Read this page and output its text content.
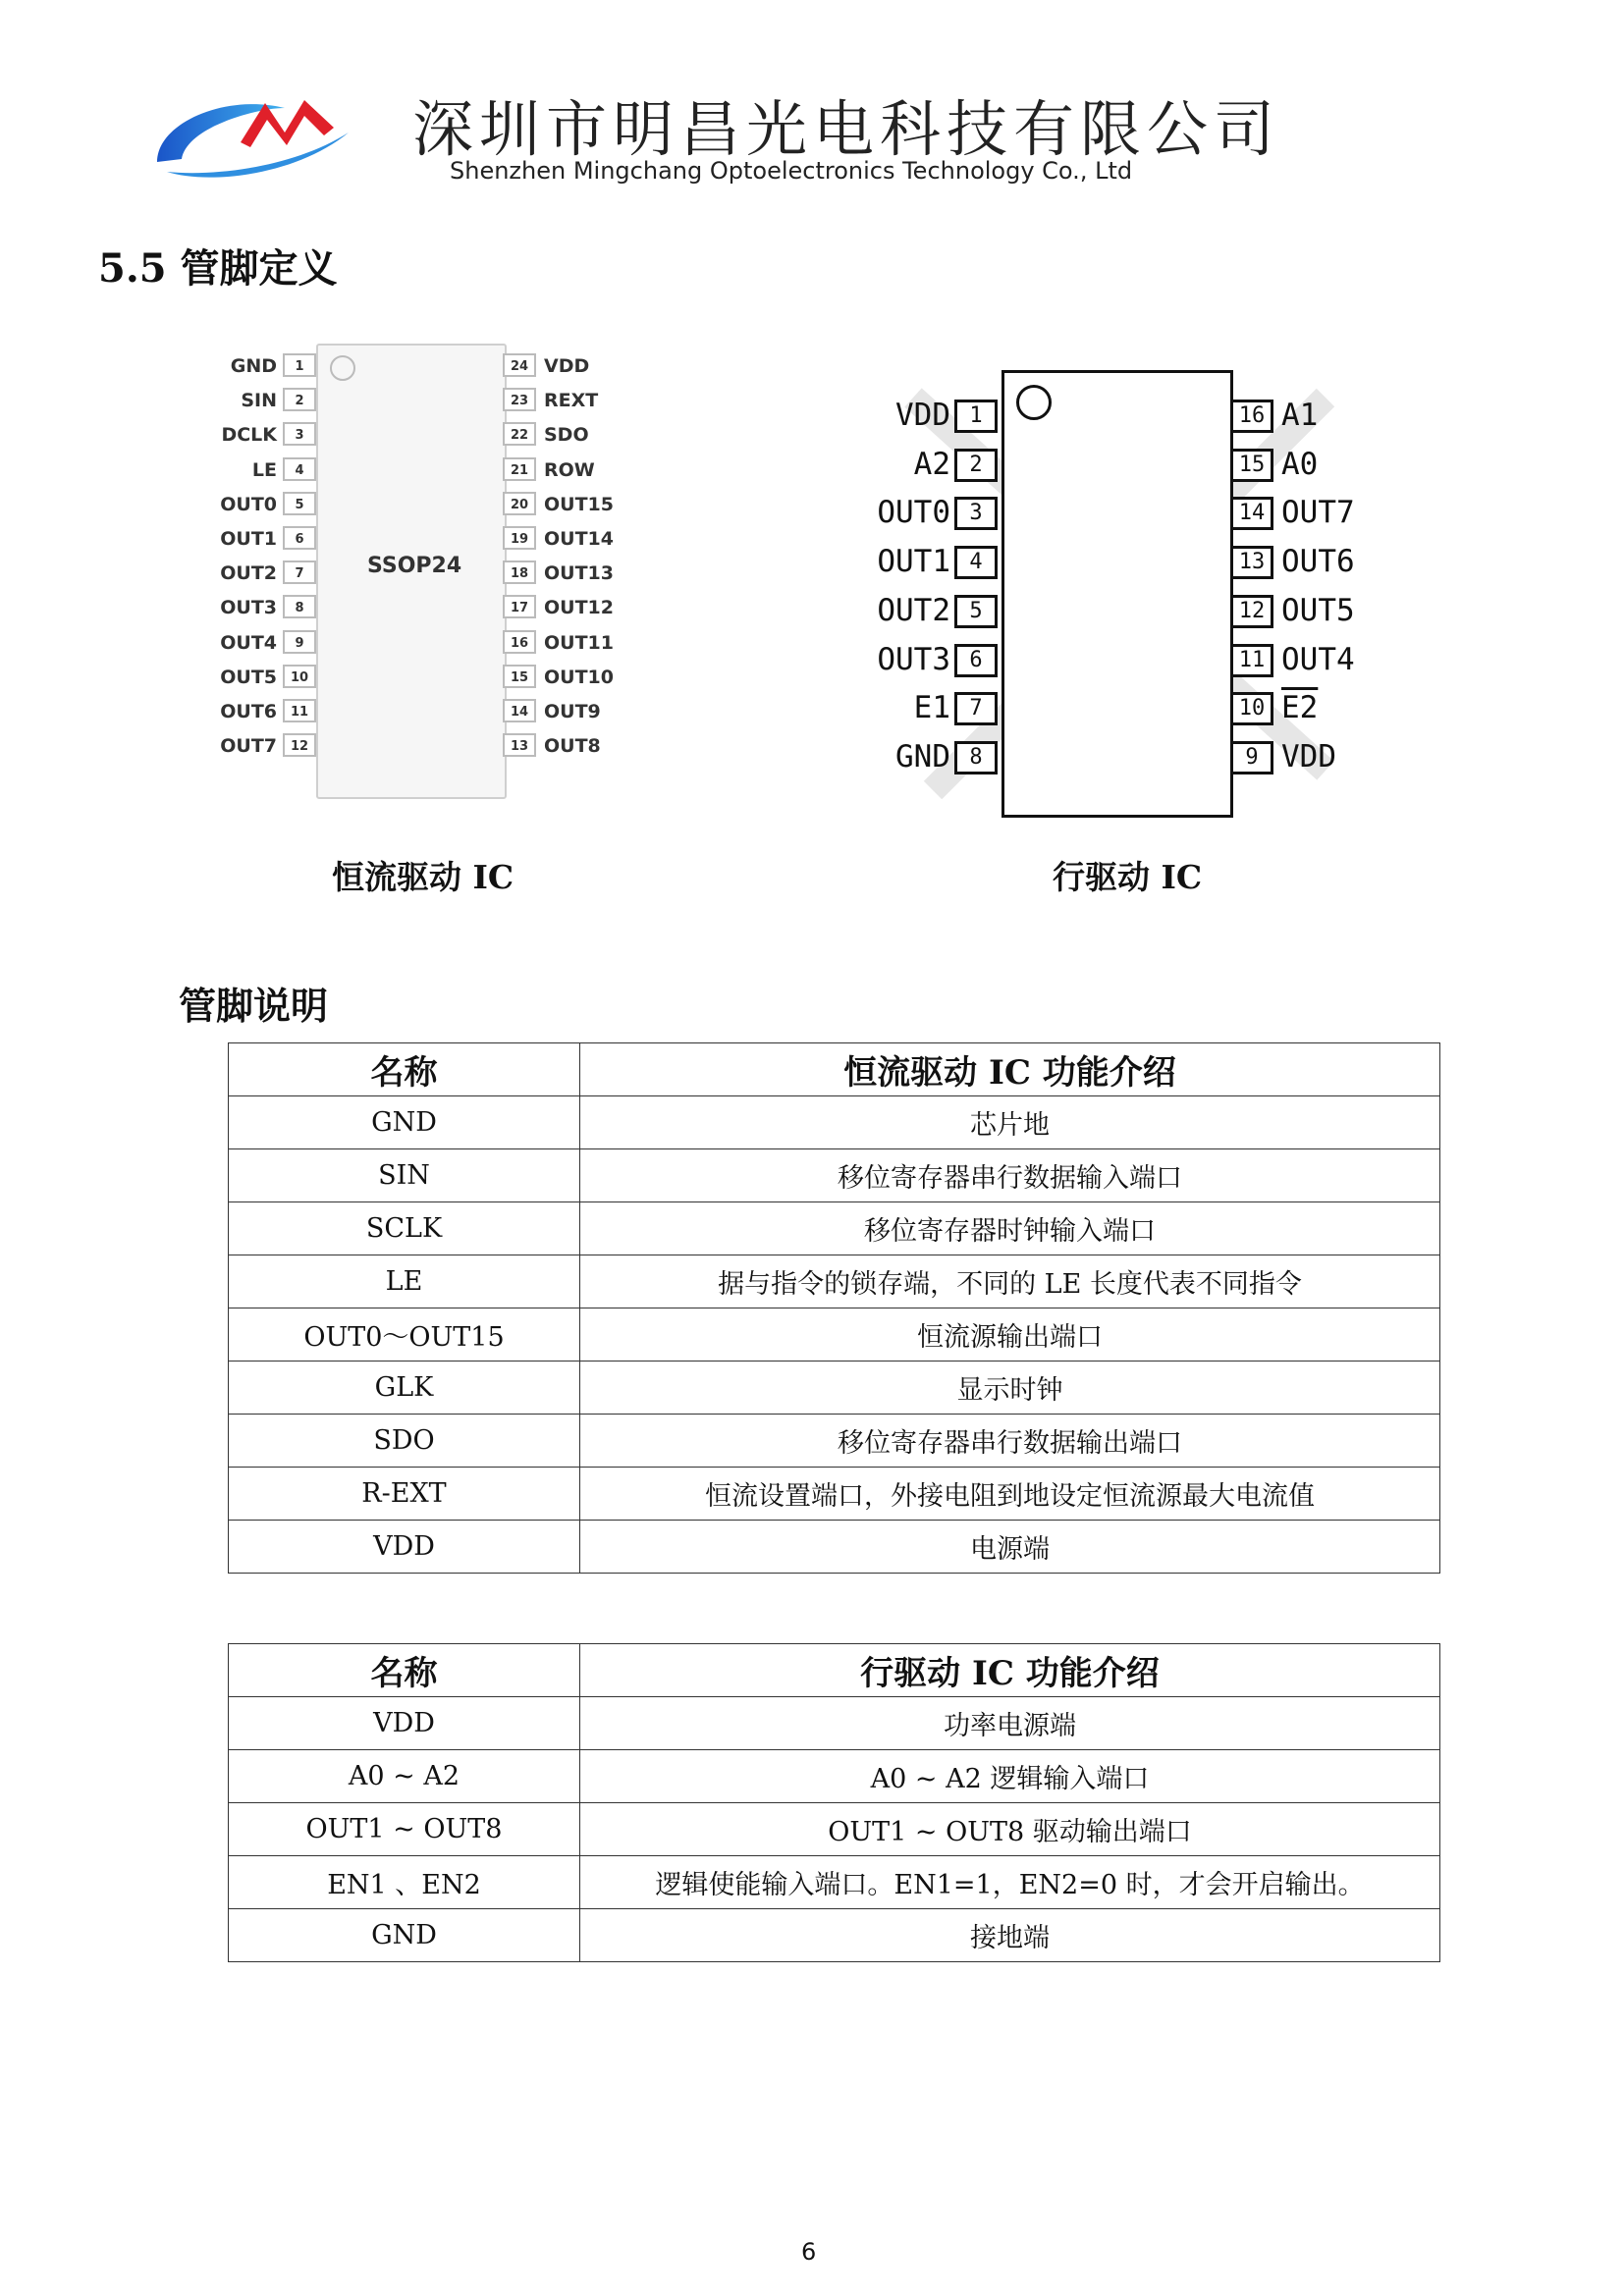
深圳市明昌光电科技有限公司
Shenzhen Mingchang Optoelectronics Technology Co., Ltd
5.5 管脚定义
SSOP24
GND	1
SIN	2
DCLK	3
LE	4
OUT0	5
OUT1	6
OUT2	7
OUT3	8
OUT4	9
OUT5	10
OUT6	11
OUT7	12
24 VDD
23 REXT
22 SDO
21 ROW
20 OUT15
19 OUT14
18 OUT13
17 OUT12
16 OUT11
15 OUT10
14 OUT9
13 OUT8
VDD 1
A2 2
OUT0 3
OUT1 4
OUT2 5
OUT3 6
E1 7
GND 8
16 A1
15 A0
14 OUT7
13 OUT6
12 OUT5
11 OUT4
10 E2
9 VDD
恒流驱动 IC	行驱动 IC
管脚说明
名称	恒流驱动 IC 功能介绍
GND	芯片地
SIN	移位寄存器串行数据输入端口
SCLK	移位寄存器时钟输入端口
LE	据与指令的锁存端，不同的 LE 长度代表不同指令
OUT0～OUT15	恒流源输出端口
GLK	显示时钟
SDO	移位寄存器串行数据输出端口
R-EXT	恒流设置端口，外接电阻到地设定恒流源最大电流值
VDD	电源端
名称	行驱动 IC 功能介绍
VDD	功率电源端
A0 ~ A2	A0 ~ A2 逻辑输入端口
OUT1 ~ OUT8	OUT1 ~ OUT8 驱动输出端口
EN1 、EN2	逻辑使能输入端口。EN1=1，EN2=0 时，才会开启输出。
GND	接地端
6
